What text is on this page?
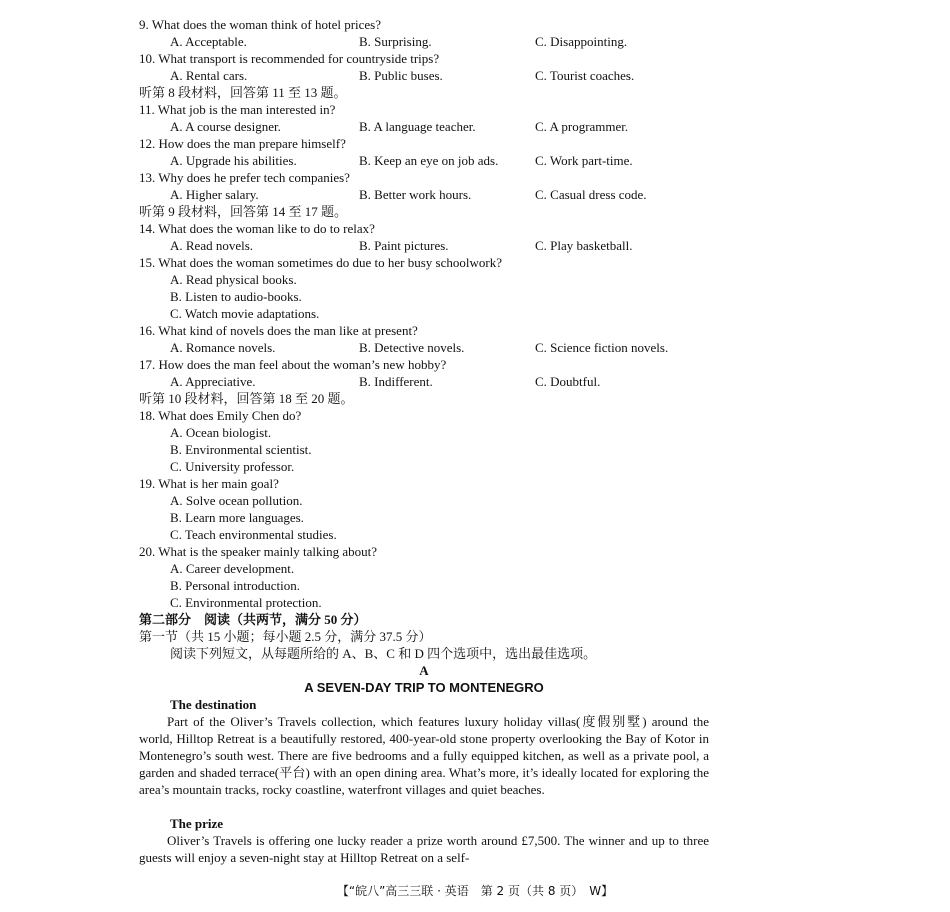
9. What does the woman think of hotel prices?
A. Acceptable.	B. Surprising.	C. Disappointing.
10. What transport is recommended for countryside trips?
A. Rental cars.	B. Public buses.	C. Tourist coaches.
听第 8 段材料，回答第 11 至 13 题。
11. What job is the man interested in?
A. A course designer.	B. A language teacher.	C. A programmer.
12. How does the man prepare himself?
A. Upgrade his abilities.	B. Keep an eye on job ads.	C. Work part-time.
13. Why does he prefer tech companies?
A. Higher salary.	B. Better work hours.	C. Casual dress code.
听第 9 段材料，回答第 14 至 17 题。
14. What does the woman like to do to relax?
A. Read novels.	B. Paint pictures.	C. Play basketball.
15. What does the woman sometimes do due to her busy schoolwork?
A. Read physical books.
B. Listen to audio-books.
C. Watch movie adaptations.
16. What kind of novels does the man like at present?
A. Romance novels.	B. Detective novels.	C. Science fiction novels.
17. How does the man feel about the woman’s new hobby?
A. Appreciative.	B. Indifferent.	C. Doubtful.
听第 10 段材料，回答第 18 至 20 题。
18. What does Emily Chen do?
A. Ocean biologist.
B. Environmental scientist.
C. University professor.
19. What is her main goal?
A. Solve ocean pollution.
B. Learn more languages.
C. Teach environmental studies.
20. What is the speaker mainly talking about?
A. Career development.
B. Personal introduction.
C. Environmental protection.
第二部分　阅读（共两节，满分 50 分）
第一节（共 15 小题；每小题 2.5 分，满分 37.5 分）
阅读下列短文，从每题所给的 A、B、C 和 D 四个选项中，选出最佳选项。
A
A SEVEN-DAY TRIP TO MONTENEGRO
The destination
Part of the Oliver’s Travels collection, which features luxury holiday villas(度假别墅) around the world, Hilltop Retreat is a beautifully restored, 400-year-old stone property overlooking the Bay of Kotor in Montenegro’s south west. There are five bedrooms and a fully equipped kitchen, as well as a private pool, a garden and shaded terrace(平台) with an open dining area. What’s more, it’s ideally located for exploring the area’s mountain tracks, rocky coastline, waterfront villages and quiet beaches.
The prize
Oliver’s Travels is offering one lucky reader a prize worth around £7,500. The winner and up to three guests will enjoy a seven-night stay at Hilltop Retreat on a self-
【“皖八”高三三联 · 英语　第 2 页（共 8 页）　W】
